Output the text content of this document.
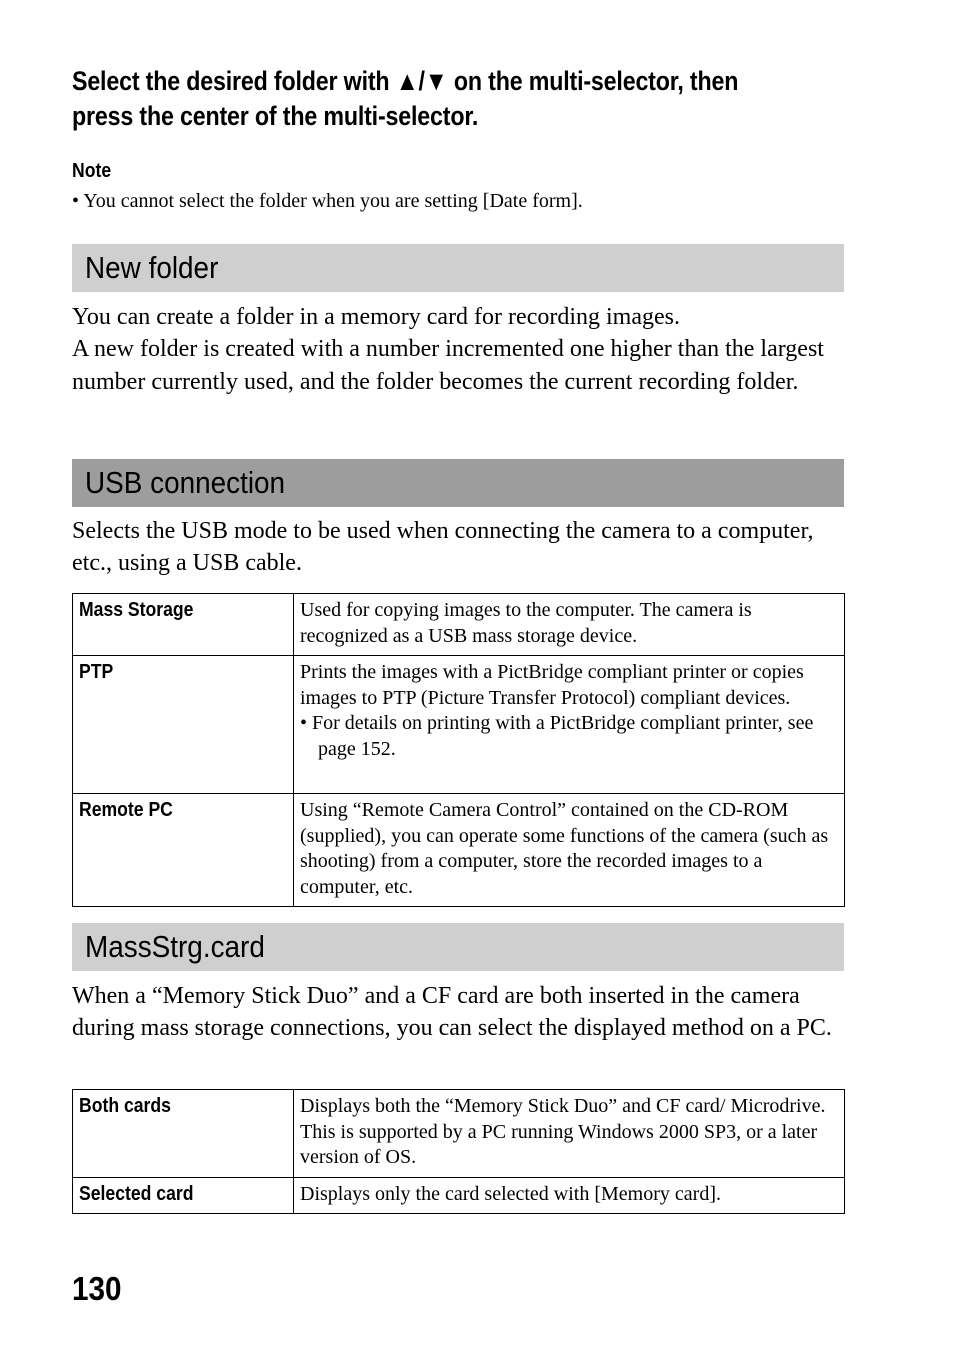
Select the desired folder with ▲/▼ on the multi-selector, then
press the center of the multi-selector.
Note
• You cannot select the folder when you are setting [Date form].
New folder

You can create a folder in a memory card for recording images.

A new folder is created with a number incremented one higher than the largest number currently used, and the folder becomes the current recording folder.

USB connection

Selects the USB mode to be used when connecting the camera to a computer, etc., using a USB cable.

Mass Storage	Used for copying images to the computer. The camera is recognized as a USB mass storage device.
PTP	Prints the images with a PictBridge compliant printer or copies images to PTP (Picture Transfer Protocol) compliant devices.
• For details on printing with a PictBridge compliant printer, see page 152.

Remote PC	Using “Remote Camera Control” contained on the CD-ROM (supplied), you can operate some functions of the camera (such as shooting) from a computer, store the recorded images to a computer, etc.
MassStrg.card

When a “Memory Stick Duo” and a CF card are both inserted in the camera during mass storage connections, you can select the displayed method on a PC.

Both cards	Displays both the “Memory Stick Duo” and CF card/ Microdrive. This is supported by a PC running Windows 2000 SP3, or a later version of OS.
Selected card	Displays only the card selected with [Memory card].
130
